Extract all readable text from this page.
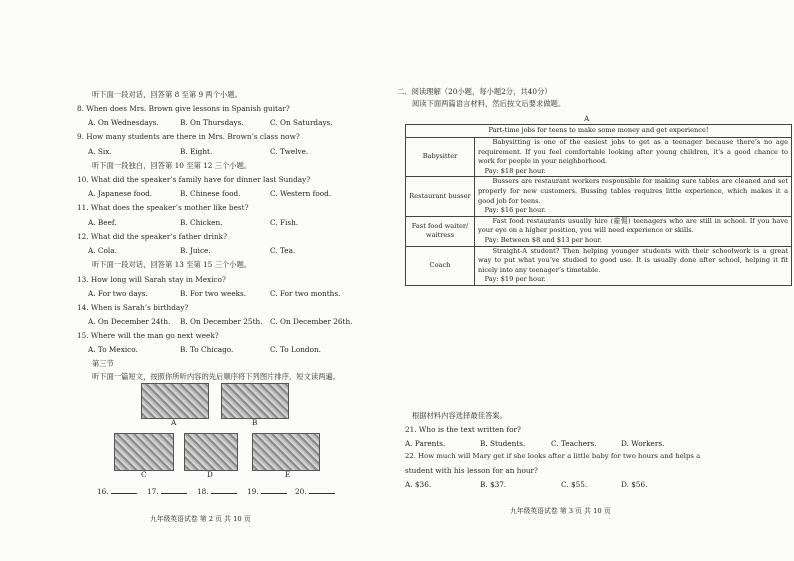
听下面一段对话，回答第 8 至第 9 两个小题。
8. When does Mrs. Brown give lessons in Spanish guitar?
A. On Wednesdays.	B. On Thursdays.	C. On Saturdays.
9. How many students are there in Mrs. Brown’s class now?
A. Six.	B. Eight.	C. Twelve.
听下面一段独白，回答第 10 至第 12 三个小题。
10. What did the speaker’s family have for dinner last Sunday?
A. Japanese food.	B. Chinese food.	C. Western food.
11. What does the speaker’s mother like best?
A. Beef.	B. Chicken.	C. Fish.
12. What did the speaker’s father drink?
A. Cola.	B. Juice.	C. Tea.
听下面一段对话，回答第 13 至第 15 三个小题。
13. How long will Sarah stay in Mexico?
A. For two days.	B. For two weeks.	C. For two months.
14. When is Sarah’s birthday?
A. On December 24th. B. On December 25th. C. On December 26th.
15. Where will the man go next week?
A. To Mexico.	B. To Chicago.	C. To London.
第三节
听下面一篇短文，按照你所听内容的先后顺序将下列图片排序，短文读两遍。
A	B
C	D	E
16.	17.	18.	19.	20.
九年级英语试卷 第 2 页 共 10 页
二、阅读理解（20小题，每小题2分，共40分）
阅读下面两篇语言材料，然后按文后要求做题。
A
Part-time jobs for teens to make some money and get experience!	
Babysitter	Babysitting is one of the easiest jobs to get as a teenager because there’s no age requirement. If you feel comfortable looking after young children, it’s a good chance to work for people in your neighborhood.

Pay: $18 per hour.

Restaurant busser	Bussers are restaurant workers responsible for making sure tables are cleaned and set properly for new customers. Bussing tables requires little experience, which makes it a good job for teens.

Pay: $16 per hour.

Fast food waiter/ waitress	Fast food restaurants usually hire (雇佣) teenagers who are still in school. If you have your eye on a higher position, you will need experience or skills.

Pay: Between $8 and $13 per hour.

Coach	Straight-A student? Then helping younger students with their schoolwork is a great way to put what you’ve studied to good use. It is usually done after school, helping it fit nicely into any teenager’s timetable.

Pay: $19 per hour.

根据材料内容选择最佳答案。
21. Who is the text written for?
A. Parents.	B. Students.	C. Teachers.	D. Workers.
22. How much will Mary get if she looks after a little baby for two hours and helps a
student with his lesson for an hour?
A. $36.	B. $37.	C. $55.	D. $56.
九年级英语试卷 第 3 页 共 10 页
